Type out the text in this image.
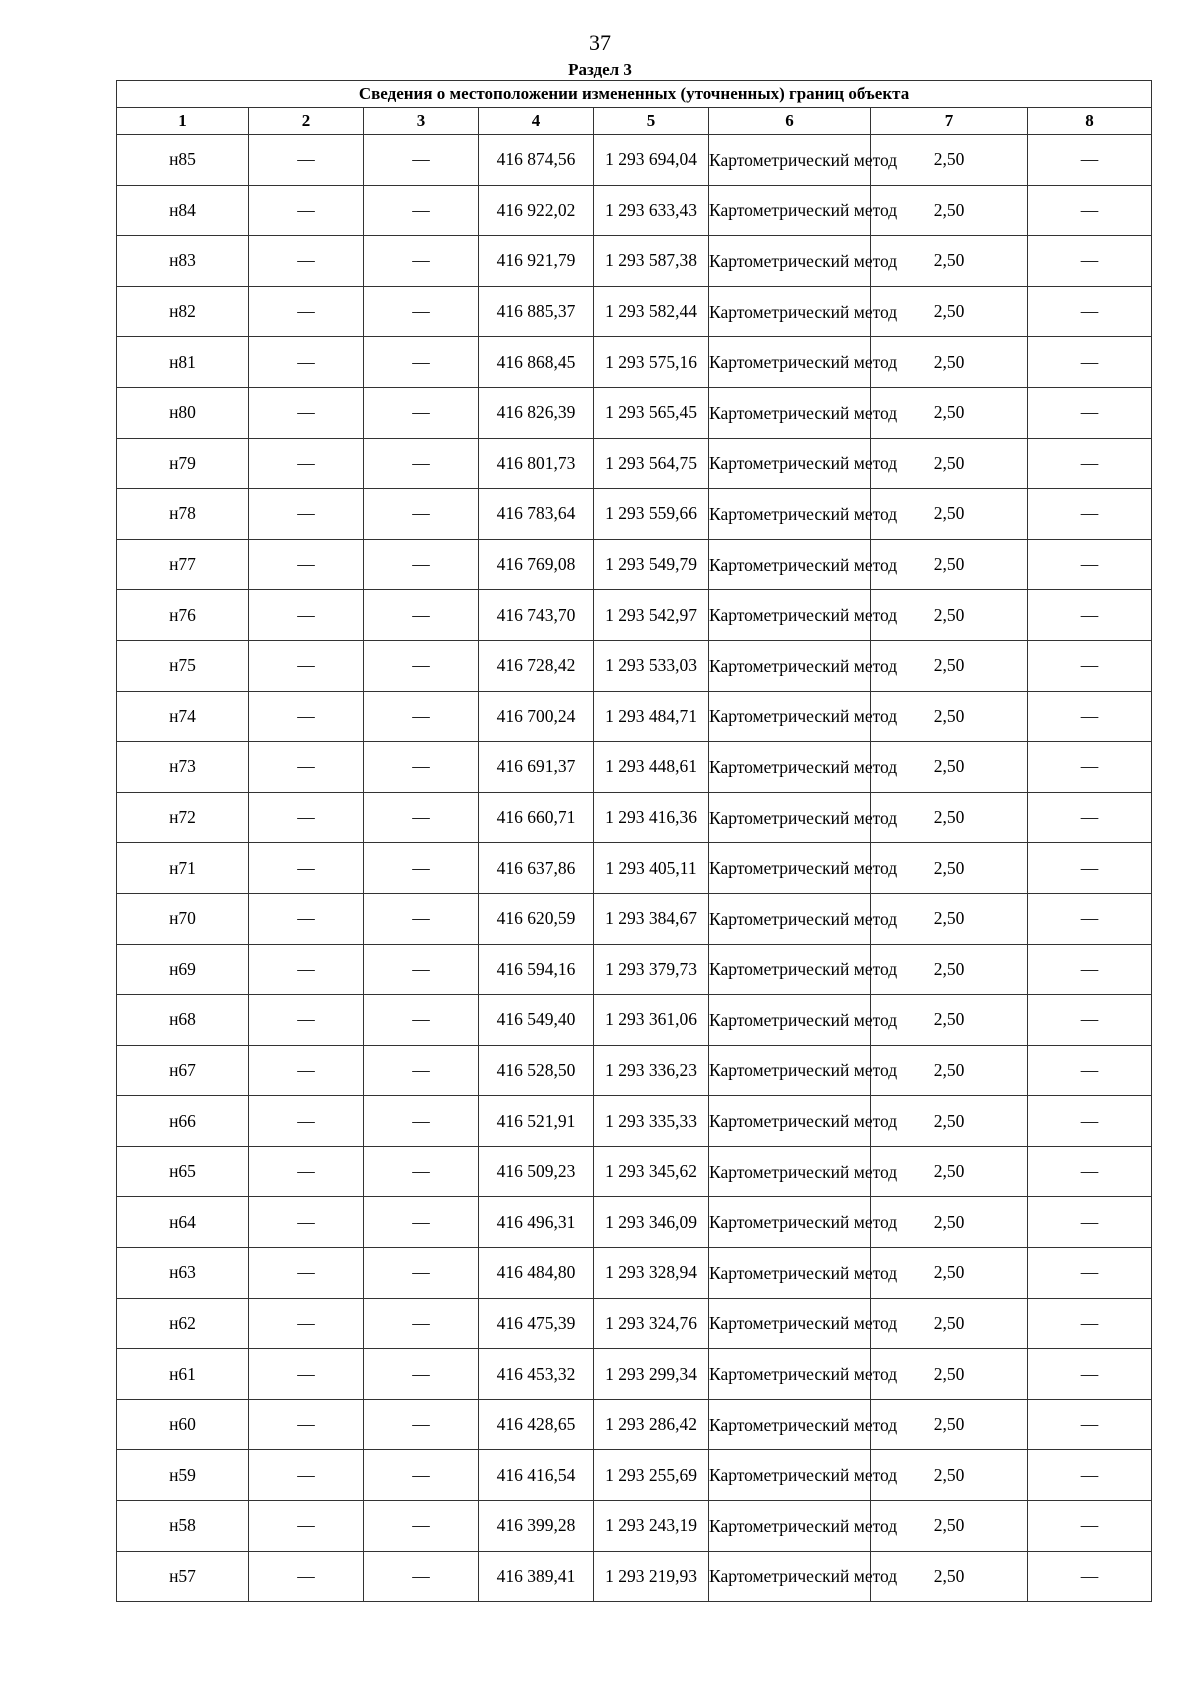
37
Раздел 3
Сведения о местоположении измененных (уточненных) границ объекта							
1	2	3	4	5	6	7	8
н85	—	—	416 874,56	1 293 694,04	Картометрический метод	2,50	—
н84	—	—	416 922,02	1 293 633,43	Картометрический метод	2,50	—
н83	—	—	416 921,79	1 293 587,38	Картометрический метод	2,50	—
н82	—	—	416 885,37	1 293 582,44	Картометрический метод	2,50	—
н81	—	—	416 868,45	1 293 575,16	Картометрический метод	2,50	—
н80	—	—	416 826,39	1 293 565,45	Картометрический метод	2,50	—
н79	—	—	416 801,73	1 293 564,75	Картометрический метод	2,50	—
н78	—	—	416 783,64	1 293 559,66	Картометрический метод	2,50	—
н77	—	—	416 769,08	1 293 549,79	Картометрический метод	2,50	—
н76	—	—	416 743,70	1 293 542,97	Картометрический метод	2,50	—
н75	—	—	416 728,42	1 293 533,03	Картометрический метод	2,50	—
н74	—	—	416 700,24	1 293 484,71	Картометрический метод	2,50	—
н73	—	—	416 691,37	1 293 448,61	Картометрический метод	2,50	—
н72	—	—	416 660,71	1 293 416,36	Картометрический метод	2,50	—
н71	—	—	416 637,86	1 293 405,11	Картометрический метод	2,50	—
н70	—	—	416 620,59	1 293 384,67	Картометрический метод	2,50	—
н69	—	—	416 594,16	1 293 379,73	Картометрический метод	2,50	—
н68	—	—	416 549,40	1 293 361,06	Картометрический метод	2,50	—
н67	—	—	416 528,50	1 293 336,23	Картометрический метод	2,50	—
н66	—	—	416 521,91	1 293 335,33	Картометрический метод	2,50	—
н65	—	—	416 509,23	1 293 345,62	Картометрический метод	2,50	—
н64	—	—	416 496,31	1 293 346,09	Картометрический метод	2,50	—
н63	—	—	416 484,80	1 293 328,94	Картометрический метод	2,50	—
н62	—	—	416 475,39	1 293 324,76	Картометрический метод	2,50	—
н61	—	—	416 453,32	1 293 299,34	Картометрический метод	2,50	—
н60	—	—	416 428,65	1 293 286,42	Картометрический метод	2,50	—
н59	—	—	416 416,54	1 293 255,69	Картометрический метод	2,50	—
н58	—	—	416 399,28	1 293 243,19	Картометрический метод	2,50	—
н57	—	—	416 389,41	1 293 219,93	Картометрический метод	2,50	—
